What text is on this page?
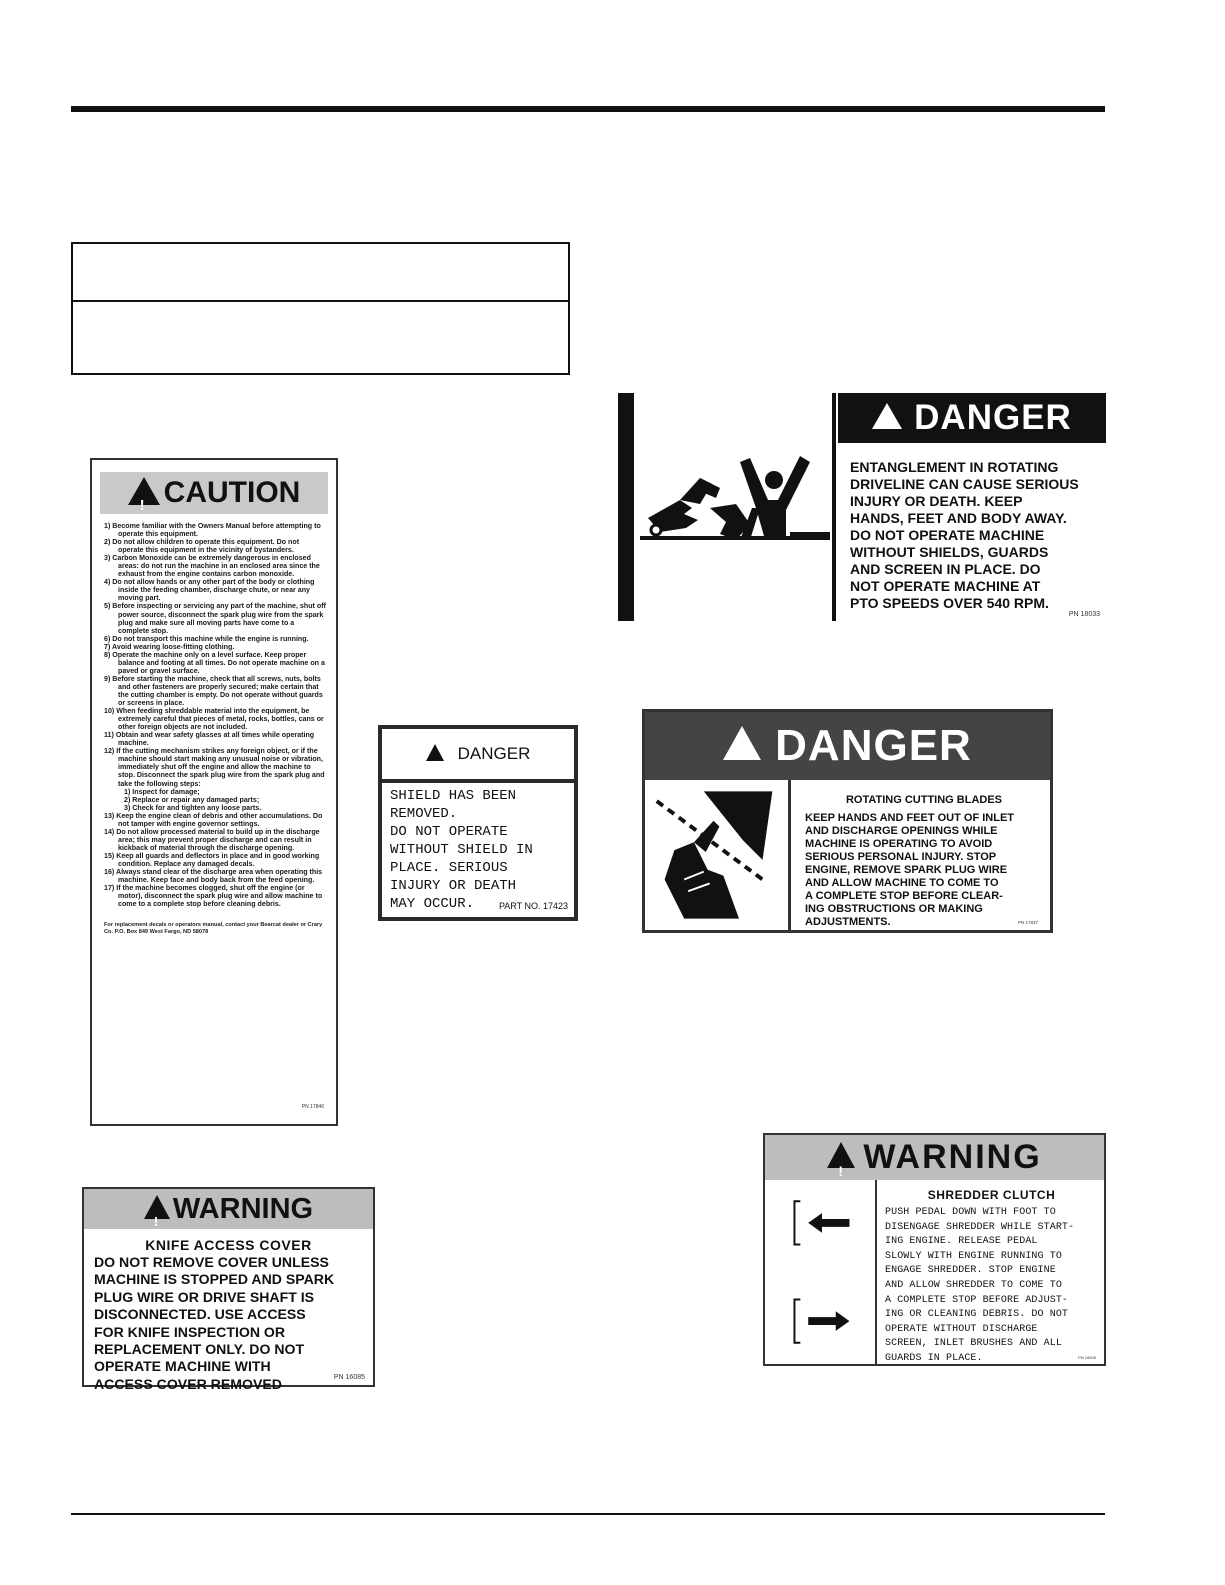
!CAUTION
1) Become familiar with the Owners Manual before attempting to operate this equipment.
2) Do not allow children to operate this equipment. Do not operate this equipment in the vicinity of bystanders.
3) Carbon Monoxide can be extremely dangerous in enclosed areas: do not run the machine in an enclosed area since the exhaust from the engine contains carbon monoxide.
4) Do not allow hands or any other part of the body or clothing inside the feeding chamber, discharge chute, or near any moving part.
5) Before inspecting or servicing any part of the machine, shut off power source, disconnect the spark plug wire from the spark plug and make sure all moving parts have come to a complete stop.
6) Do not transport this machine while the engine is running.
7) Avoid wearing loose-fitting clothing.
8) Operate the machine only on a level surface. Keep proper balance and footing at all times. Do not operate machine on a paved or gravel surface.
9) Before starting the machine, check that all screws, nuts, bolts and other fasteners are properly secured; make certain that the cutting chamber is empty. Do not operate without guards or screens in place.
10) When feeding shreddable material into the equipment, be extremely careful that pieces of metal, rocks, bottles, cans or other foreign objects are not included.
11) Obtain and wear safety glasses at all times while operating machine.
12) If the cutting mechanism strikes any foreign object, or if the machine should start making any unusual noise or vibration, immediately shut off the engine and allow the machine to stop. Disconnect the spark plug wire from the spark plug and take the following steps:
1) Inspect for damage;
2) Replace or repair any damaged parts;
3) Check for and tighten any loose parts.
13) Keep the engine clean of debris and other accumulations. Do not tamper with engine governor settings.
14) Do not allow processed material to build up in the discharge area; this may prevent proper discharge and can result in kickback of material through the discharge opening.
15) Keep all guards and deflectors in place and in good working condition. Replace any damaged decals.
16) Always stand clear of the discharge area when operating this machine. Keep face and body back from the feed opening.
17) If the machine becomes clogged, shut off the engine (or motor), disconnect the spark plug wire and allow machine to come to a complete stop before cleaning debris.
For replacement decals or operators manual, contact your Bearcat dealer or Crary Co. P.O. Box 849 West Fargo, ND 58078
PN 17846
!DANGER
SHIELD HAS BEEN
REMOVED.
DO NOT OPERATE
WITHOUT SHIELD IN
PLACE. SERIOUS
INJURY OR DEATH
MAY OCCUR.	PART NO. 17423
!DANGER
ENTANGLEMENT IN ROTATING
DRIVELINE CAN CAUSE SERIOUS
INJURY OR DEATH. KEEP
HANDS, FEET AND BODY AWAY.
DO NOT OPERATE MACHINE
WITHOUT SHIELDS, GUARDS
AND SCREEN IN PLACE. DO
NOT OPERATE MACHINE AT
PTO SPEEDS OVER 540 RPM.
PN 18033
!DANGER
ROTATING CUTTING BLADES
KEEP HANDS AND FEET OUT OF INLET
AND DISCHARGE OPENINGS WHILE
MACHINE IS OPERATING TO AVOID
SERIOUS PERSONAL INJURY. STOP
ENGINE, REMOVE SPARK PLUG WIRE
AND ALLOW MACHINE TO COME TO
A COMPLETE STOP BEFORE CLEAR-
ING OBSTRUCTIONS OR MAKING
ADJUSTMENTS.	PN 17837
!WARNING
KNIFE ACCESS COVER
DO NOT REMOVE COVER UNLESS
MACHINE IS STOPPED AND SPARK
PLUG WIRE OR DRIVE SHAFT IS
DISCONNECTED. USE ACCESS
FOR KNIFE INSPECTION OR
REPLACEMENT ONLY. DO NOT
OPERATE MACHINE WITH
ACCESS COVER REMOVED	PN 16085
!WARNING
SHREDDER CLUTCH
PUSH PEDAL DOWN WITH FOOT TO
DISENGAGE SHREDDER WHILE START-
ING ENGINE. RELEASE PEDAL
SLOWLY WITH ENGINE RUNNING TO
ENGAGE SHREDDER. STOP ENGINE
AND ALLOW SHREDDER TO COME TO
A COMPLETE STOP BEFORE ADJUST-
ING OR CLEANING DEBRIS. DO NOT
OPERATE WITHOUT DISCHARGE
SCREEN, INLET BRUSHES AND ALL
GUARDS IN PLACE.	PN 18405
